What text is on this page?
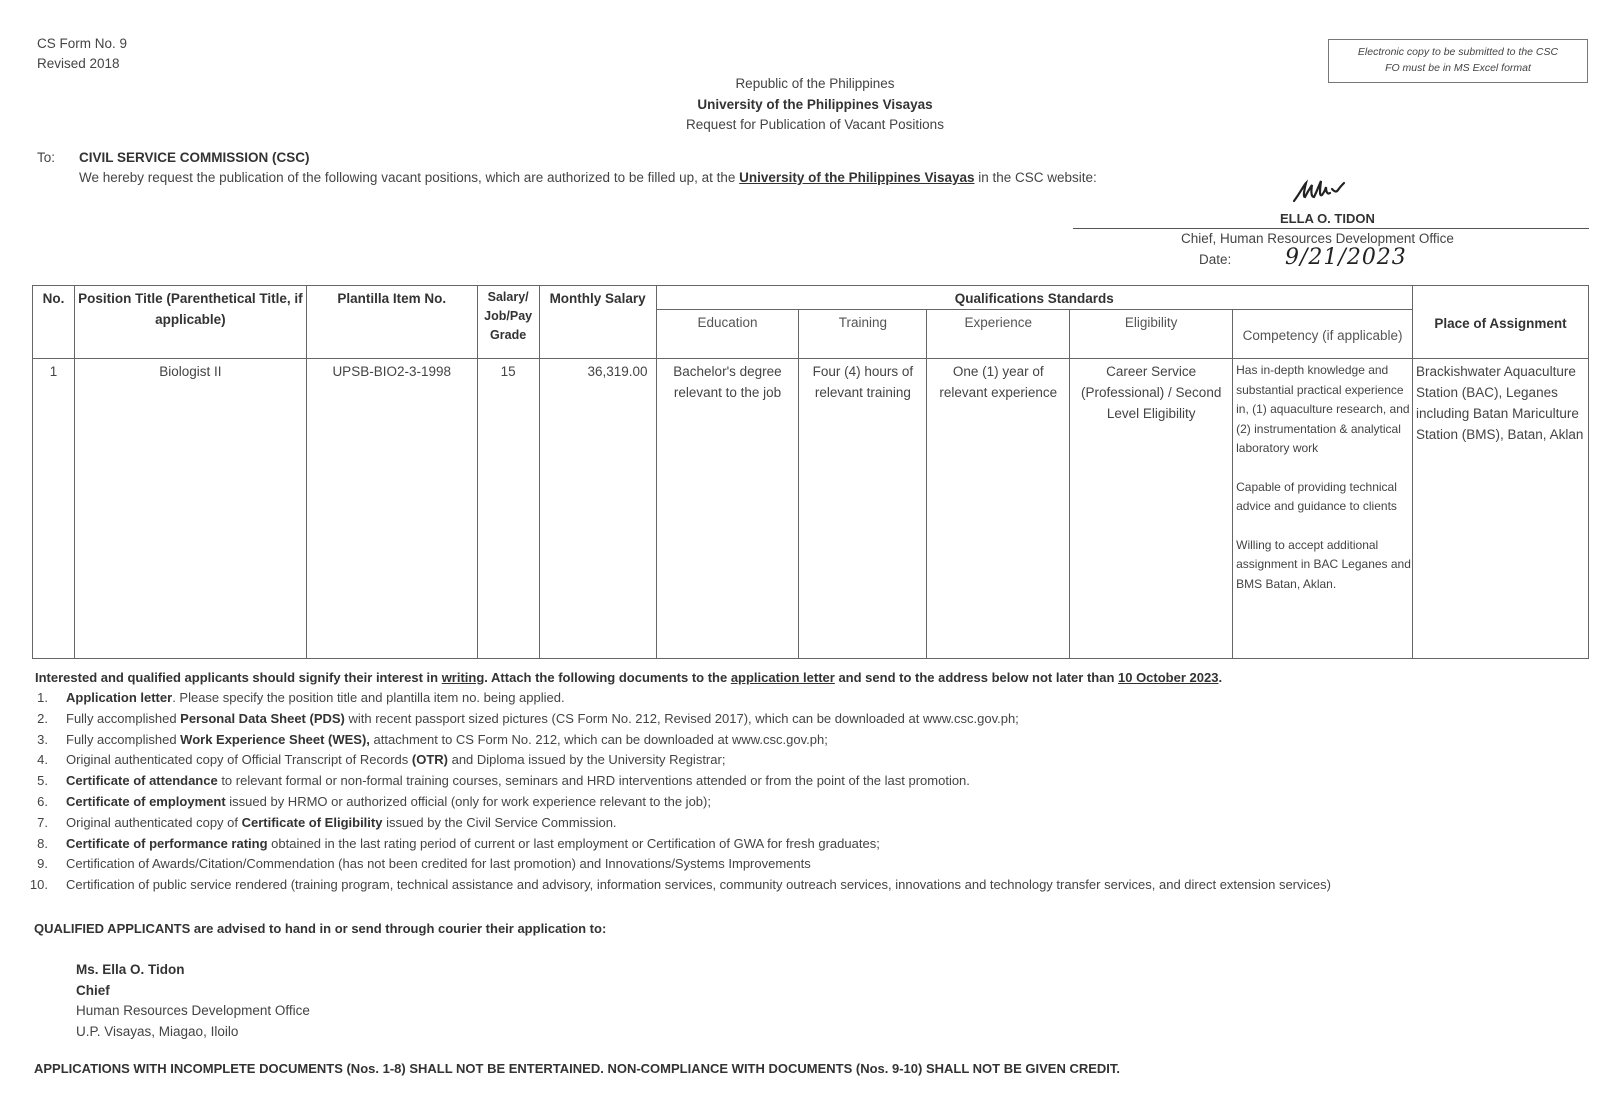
CS Form No. 9
Revised 2018
Electronic copy to be submitted to the CSC
FO must be in MS Excel format
Republic of the Philippines
University of the Philippines Visayas
Request for Publication of Vacant Positions
To: CIVIL SERVICE COMMISSION (CSC)
We hereby request the publication of the following vacant positions, which are authorized to be filled up, at the University of the Philippines Visayas in the CSC website:
ELLA O. TIDON
Chief, Human Resources Development Office
Date: 9/21/2023
No.	Position Title (Parenthetical Title, if applicable)	Plantilla Item No.	Salary/ Job/Pay Grade	Monthly Salary	Qualifications Standards					Place of Assignment
					Education	Training	Experience	Eligibility	Competency (if applicable)	
1	Biologist II	UPSB-BIO2-3-1998	15	36,319.00	Bachelor's degree relevant to the job	Four (4) hours of relevant training	One (1) year of relevant experience	Career Service (Professional) / Second Level Eligibility	Has in-depth knowledge and substantial practical experience in, (1) aquaculture research, and (2) instrumentation & analytical laboratory work

Capable of providing technical advice and guidance to clients

Willing to accept additional assignment in BAC Leganes and BMS Batan, Aklan.	Brackishwater Aquaculture Station (BAC), Leganes including Batan Mariculture Station (BMS), Batan, Aklan
Interested and qualified applicants should signify their interest in writing. Attach the following documents to the application letter and send to the address below not later than 10 October 2023.
1. Application letter. Please specify the position title and plantilla item no. being applied.
2. Fully accomplished Personal Data Sheet (PDS) with recent passport sized pictures (CS Form No. 212, Revised 2017), which can be downloaded at www.csc.gov.ph;
3. Fully accomplished Work Experience Sheet (WES), attachment to CS Form No. 212, which can be downloaded at www.csc.gov.ph;
4. Original authenticated copy of Official Transcript of Records (OTR) and Diploma issued by the University Registrar;
5. Certificate of attendance to relevant formal or non-formal training courses, seminars and HRD interventions attended or from the point of the last promotion.
6. Certificate of employment issued by HRMO or authorized official (only for work experience relevant to the job);
7. Original authenticated copy of Certificate of Eligibility issued by the Civil Service Commission.
8. Certificate of performance rating obtained in the last rating period of current or last employment or Certification of GWA for fresh graduates;
9. Certification of Awards/Citation/Commendation (has not been credited for last promotion) and Innovations/Systems Improvements
10. Certification of public service rendered (training program, technical assistance and advisory, information services, community outreach services, innovations and technology transfer services, and direct extension services)
QUALIFIED APPLICANTS are advised to hand in or send through courier their application to:
Ms. Ella O. Tidon
Chief
Human Resources Development Office
U.P. Visayas, Miagao, Iloilo
APPLICATIONS WITH INCOMPLETE DOCUMENTS (Nos. 1-8) SHALL NOT BE ENTERTAINED. NON-COMPLIANCE WITH DOCUMENTS (Nos. 9-10) SHALL NOT BE GIVEN CREDIT.
